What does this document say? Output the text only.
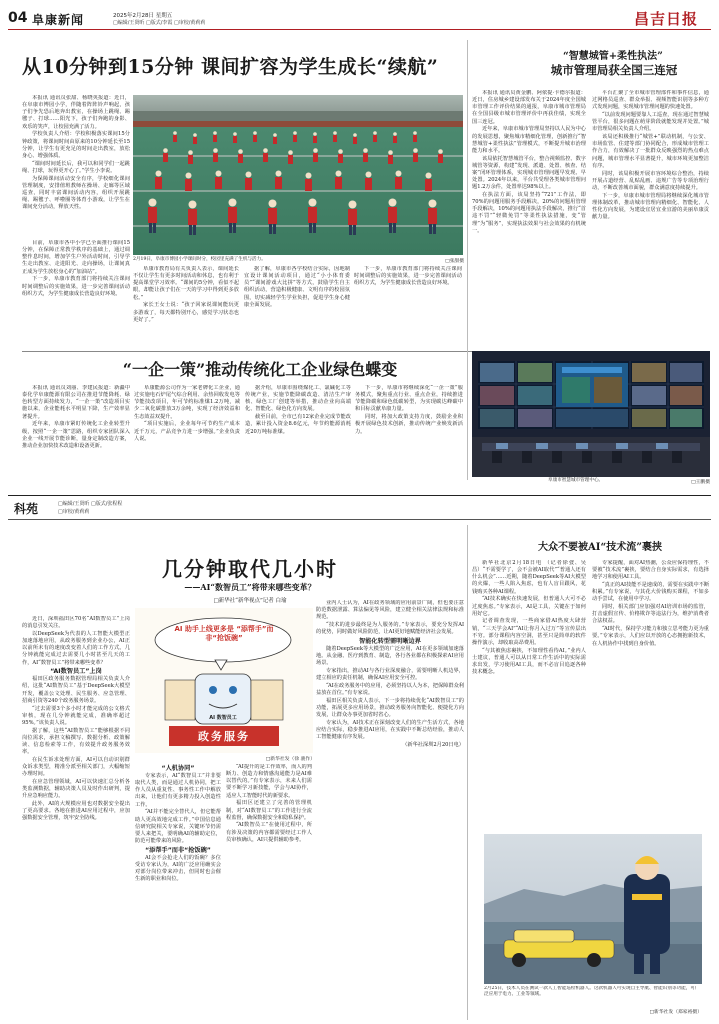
04 阜康新闻	2025年2月28日 星期五
□编辑/王贤昕 □版式/李霞 □审校/黄莉莉	昌吉日报
从10分钟到15分钟 课间扩容为学生成长“续航”

本报讯 通讯员张甜、杨晓英报道：近日，在阜康市博园小学，伴随着阵阵铃声响起，孩子们争先恐后地奔出教室，在操场上跳绳、踢毽子、打球……阳光下，孩子们奔跑的身影、欢乐的笑声，让校园充满了活力。

学校负责人介绍：学校积极落实课间15分钟政策，将课间时间由原来的10分钟延长至15分钟，让学生有更充足的时间走出教室，放松身心、增强体质。

“课间时间延长后，我可以和同学们一起跳绳、打球，玩得更开心了。”学生小李说。

为保障课间活动安全有序，学校细化课间管理制度，安排值班教师在操场、走廊等区域巡查，同时丰富课间活动内容，组织开展跳绳、踢毽子、呼啦圈等体育小游戏，让学生在课间充分活动，释放天性。

目前，阜康市各中小学已全面推行课间15分钟，在保障正常教学秩序的基础上，通过调整作息时间，增加学生户外活动时间，引导学生走出教室、走进阳光、走向操场，让课间真正成为学生放松身心的“加油站”。

下一步，阜康市教育部门将持续关注课间时间调整后的实施效果，进一步完善课间活动组织方式，为学生健康成长营造良好环境。

2月19日，阜康市博园小学课间时分，校园里充满了生机与活力。	□张甜摄

阜康市教育局有关负责人表示，课间延长不仅让学生有更多时间活动和休息，也有利于提高课堂学习效率。“课间的5分钟，看似不起眼，却能让孩子们在一天的学习中得到更多放松。”

家长王女士说：“孩子回家说课间能玩更多游戏了，每天都特别开心，感觉学习状态也更好了。”

据了解，阜康市各学校结合实际，因地制宜设计课间活动项目，通过“小小体育委员”“课间游戏大比拼”等方式，鼓励学生自主组织活动，营造积极健康、文明有序的校园氛围，切实减轻学生学业负担，促进学生身心健康全面发展。

下一步，阜康市教育部门将持续关注课间时间调整后的实施效果，进一步完善课间活动组织方式，为学生健康成长营造良好环境。

“智慧城管+柔性执法”
城市管理局获全国三连冠

本报讯 通讯员黄金鹏、阿依提·卡德尔报道：近日，住房城乡建设部发布关于2024年度全国城市管理工作评价结果的通报，阜康市城市管理局在全国县级市城市管理评价中再获佳绩，实现全国三连冠。

近年来，阜康市城市管理局坚持以人民为中心的发展思想，聚焦城市精细化管理，创新推行“智慧城管+柔性执法”管理模式，不断提升城市治理能力和水平。

该局依托智慧城管平台，整合视频监控、数字城管等资源，构建“发现、派遣、处置、核查、结案”闭环管理体系，实现城市管理问题早发现、早处置。2024年以来，平台共受理各类城市管理问题1.2万余件，处置率达98%以上。

在执法方面，该局坚持“721”工作法，即70%的问题用服务手段解决，20%的问题用管理手段解决，10%的问题用执法手段解决，推行“首违不罚”“轻微免罚”等柔性执法措施，变“管理”为“服务”，实现执法效果与社会效果的有机统一。

平台汇聚了全市城市管理部件和事件信息，通过网格员巡查、群众举报、视频智能识别等多种方式发现问题，实现城市管理问题的快速处置。

“以前发现问题要靠人工巡查，现在通过智慧城管平台，很多问题在萌芽阶段就能发现并处置。”城市管理局相关负责人介绍。

该局还积极推行“城管+”联动机制，与公安、市场监管、住建等部门协同配合，形成城市管理工作合力，有效解决了一批群众反映强烈的热点难点问题，城市管理水平显著提升，城市环境更加整洁有序。

同时，该局积极开展市容环境综合整治，持续开展占道经营、乱贴乱画、违规广告等专项治理行动，不断改善城市面貌，群众满意度持续提升。

下一步，阜康市城市管理局将继续深化城市管理体制改革，推动城市管理向精细化、智能化、人性化方向发展，为建设宜居宜业宜游的美丽阜康贡献力量。

“一企一策”推动传统化工企业绿色蝶变

本报讯 通讯员刘丽、李建民报道：新疆中泰化学阜康能源有限公司在推进节能降耗、绿色转型方面持续发力，“一企一策”改造项目实施以来，企业能耗水平明显下降，生产效率显著提升。

近年来，阜康市紧盯传统化工企业转型升级，按照“一企一策”思路，组织专家团队深入企业一线开展节能诊断，量身定制改造方案，推动企业加快技术改造和设备更新。

阜康能源公司作为一家老牌化工企业，通过实施电石炉尾气综合利用、余热回收发电等节能技改项目，年可节约标准煤1.2万吨，减少二氧化碳排放3万余吨，实现了经济效益和生态效益双提升。

“项目实施后，企业每年可节约生产成本近千万元，产品竞争力进一步增强。”企业负责人说。

据介绍，阜康市围绕煤化工、氯碱化工等传统产业，实施节能降碳改造、清洁生产审核、绿色工厂创建等举措，推动企业向高端化、智能化、绿色化方向发展。

截至目前，全市已有12家企业完成节能改造，累计投入资金8.6亿元，年节约能源消耗近20万吨标准煤。

下一步，阜康市将继续深化“一企一策”服务模式，聚焦重点行业、重点企业，持续推进节能降碳和绿色低碳转型，为实现碳达峰碳中和目标贡献阜康力量。

同时，将加大政策支持力度，鼓励企业积极开展绿色技术创新，推动传统产业焕发新活力。

阜康市智慧城市管理中心。	□王鹏摄
科苑	□编辑/王贤昕 □版式/张程程
□审校/黄莉莉
几分钟取代几小时
——AI“数智员工”将带来哪些变革？
□新华社“新华视点”记者 白瑜

近日，深圳福田区70名“AI数智员工”上岗的消息引发关注。

以DeepSeek为代表的人工智能大模型正加速落地应用，从政务服务到企业办公，AI正以前所未有的速度改变着人们的工作方式。几分钟就能完成过去需要几小时甚至几天的工作，AI“数智员工”将带来哪些变革？

“AI数智员工”上岗

福田区政务服务数据管理局相关负责人介绍，这批“AI数智员工”基于DeepSeek大模型开发，覆盖公文处理、民生服务、应急管理、招商引资等240个政务服务场景。

“过去需要3个多小时才能完成的公文格式审核，现在几分钟就能完成，准确率超过95%。”该负责人说。

据了解，这些“AI数智员工”能够根据不同岗位需求，承担文稿撰写、数据分析、政策解读、信息检索等工作，有效提升政务服务效率。

在民生诉求处理方面，AI可以自动识别群众诉求类型，精准分派至相关部门，大幅缩短办理时间。

在应急管理领域，AI可以快速汇总分析各类监测数据，辅助决策人员及时作出研判，提升应急响应能力。

此外，AI的大规模应用也对数据安全提出了更高要求。各地在推进AI应用过程中，应加强数据安全管理，筑牢安全防线。

AI 助手上线更多是 “添帮手”而非“抢饭碗”
AI 数智员工
政务服务
□新华社发（徐 骏作）
“人机协同”

专家表示，AI“数智员工”并非要取代人类，而是通过人机协同，把工作人员从重复性、事务性工作中解放出来，让他们有更多精力投入创造性工作。

“AI并不能完全替代人，但它能帮助人更高效地完成工作。”中国信息通信研究院相关专家说，关键环节仍需要人来把关，要明确AI的辅助定位，防范可能带来的风险。

“添帮手”而非“抢饭碗”

AI会不会抢走人们的饭碗？多位受访专家认为，AI的广泛应用确实会对部分岗位带来冲击，但同时也会催生新的职业和岗位。

“AI提升的是工作效率，而人的判断力、创造力和情感沟通能力是AI难以替代的。”有专家表示，未来人们需要不断学习新技能，学会与AI协作，适应人工智能时代的新要求。

福田区还建立了完善的管理机制，对“AI数智员工”的工作进行全流程监督，确保数据安全和隐私保护。

“AI数智员工”在使用过程中，所有涉及决策的内容都需要经过工作人员审核确认，AI只提供辅助参考。

业内人士认为，AI在政务领域的应用前景广阔，但也要注意防范数据泄露、算法偏见等风险，建立健全相关法律法规和标准规范。

“技术的进步最终是为人服务的。”专家表示，要充分发挥AI的优势，同时做好风险防范，让AI更好地赋能经济社会发展。

智能化转型需明晰边界

随着DeepSeek等大模型的广泛应用，AI在更多领域加速落地。从金融、医疗到教育、制造，各行各业都在积极探索AI应用场景。

专家指出，推动AI与各行业深度融合，需要明晰人机边界，建立相应的责任机制，确保AI应用安全可控。

“AI在政务服务中的应用，必须坚持以人为本，把保障群众利益放在首位。”有专家说。

福田区相关负责人表示，下一步将持续优化“AI数智员工”的功能，拓展更多应用场景，推动政务服务向智能化、便捷化方向发展，让群众办事更加省时省心。

专家认为，AI技术正在深刻改变人们的生产生活方式，各地应结合实际，稳步推进AI应用，在实践中不断总结经验，推动人工智能健康有序发展。

（新华社深圳2月20日电）

大众不要被AI“技术流”裹挟

新华社北京2月18日电 （记者徐弢、吴昌）“不需要学了，会不会被AI取代”“普通人还有什么机会”……近期，随着DeepSeek等AI大模型的火爆，一些人陷入焦虑，也有人盲目跟风，花钱购买各种AI课程。

“AI技术确实在快速发展，但普通人大可不必过度焦虑。”专家表示，AI是工具，关键在于如何用好它。

记者调查发现，一些商家借AI热度大肆营销，“三天学会AI”“AI让你月入过万”等宣传层出不穷。部分课程内容空洞，甚至只是简单的软件操作演示，却收取高昂费用。

“与其被焦虑裹挟，不如理性看待AI。”业内人士建议，普通人可以从日常工作生活中的实际需求出发，学习使用AI工具，而不必盲目追逐各种技术概念。

专家提醒，面对AI热潮，公众应保持理性，不要被“技术流”裹挟，要结合自身实际需求，有选择地学习和使用AI工具。

“真正的AI技能不是速成的，需要在实践中不断积累。”有专家说，与其花大价钱购买课程，不如多动手尝试，在使用中学习。

同时，相关部门应加强对AI培训市场的监管，打击虚假宣传、价格欺诈等违法行为，维护消费者合法权益。

“AI时代，保持学习能力和独立思考能力更为重要。”专家表示，人们应以开放的心态拥抱新技术，在人机协作中找到自身价值。

2月25日，技术人员在测试一款人工智能巡检机器人。这款机器人可实现自主导航、智能识别等功能，可广泛应用于电力、工业等领域。
□新华社发（郑家裕摄）
